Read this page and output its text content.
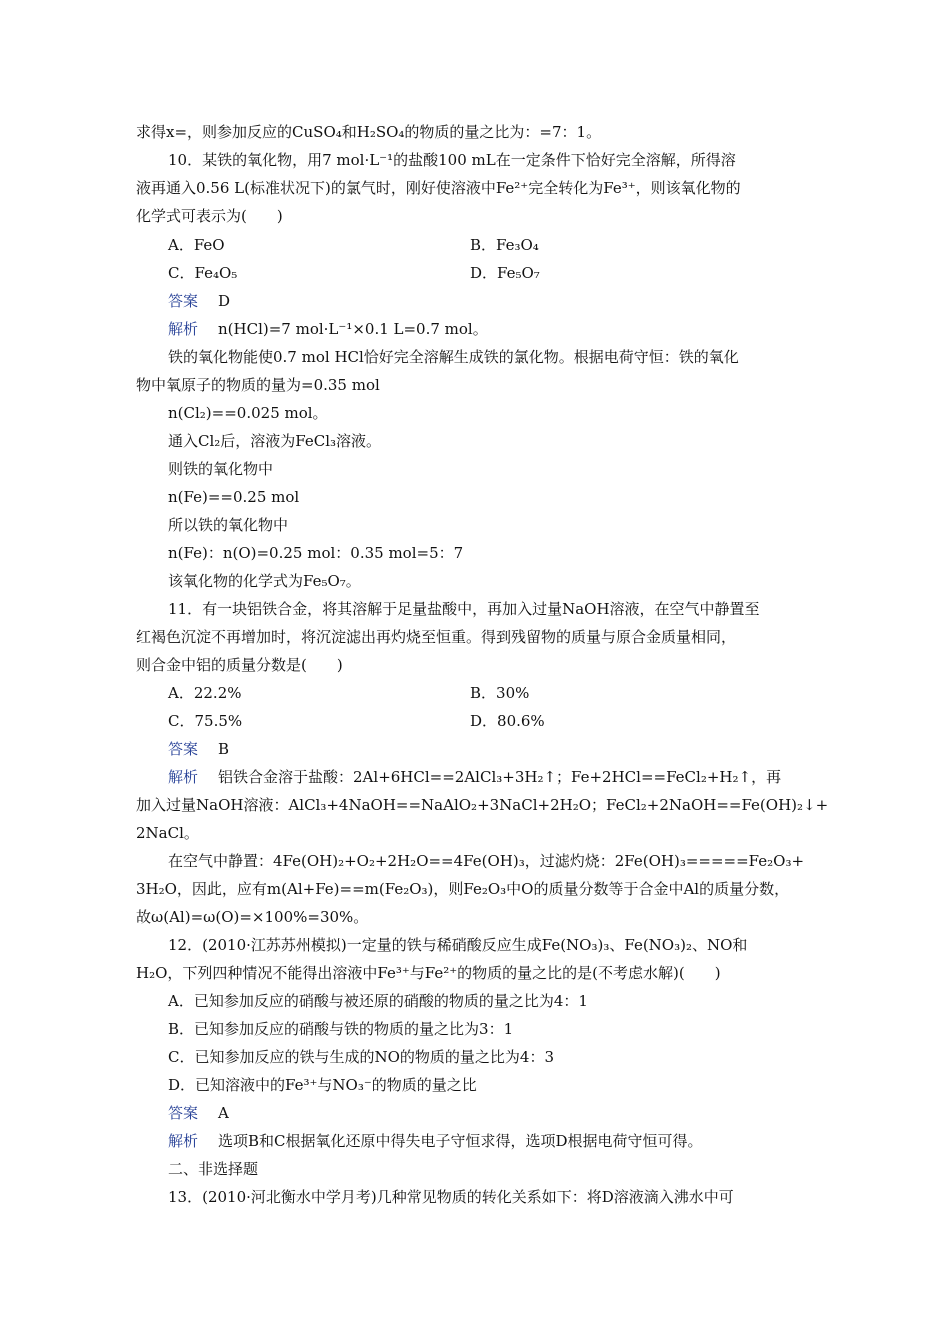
求得x=，则参加反应的CuSO₄和H₂SO₄的物质的量之比为：=7：1。
10．某铁的氧化物，用7 mol·L⁻¹的盐酸100 mL在一定条件下恰好完全溶解，所得溶
液再通入0.56 L(标准状况下)的氯气时，刚好使溶液中Fe²⁺完全转化为Fe³⁺，则该氧化物的
化学式可表示为(　　)
A．FeO	B．Fe₃O₄
C．Fe₄O₅	D．Fe₅O₇
答案 D
解析 n(HCl)=7 mol·L⁻¹×0.1 L=0.7 mol。
铁的氧化物能使0.7 mol HCl恰好完全溶解生成铁的氯化物。根据电荷守恒：铁的氧化
物中氧原子的物质的量为=0.35 mol
n(Cl₂)==0.025 mol。
通入Cl₂后，溶液为FeCl₃溶液。
则铁的氧化物中
n(Fe)==0.25 mol
所以铁的氧化物中
n(Fe)：n(O)=0.25 mol：0.35 mol=5：7
该氧化物的化学式为Fe₅O₇。
11．有一块铝铁合金，将其溶解于足量盐酸中，再加入过量NaOH溶液，在空气中静置至
红褐色沉淀不再增加时，将沉淀滤出再灼烧至恒重。得到残留物的质量与原合金质量相同，
则合金中铝的质量分数是(　　)
A．22.2%	B．30%
C．75.5%	D．80.6%
答案 B
解析 铝铁合金溶于盐酸：2Al+6HCl==2AlCl₃+3H₂↑；Fe+2HCl==FeCl₂+H₂↑，再
加入过量NaOH溶液：AlCl₃+4NaOH==NaAlO₂+3NaCl+2H₂O；FeCl₂+2NaOH==Fe(OH)₂↓+
2NaCl。
在空气中静置：4Fe(OH)₂+O₂+2H₂O==4Fe(OH)₃，过滤灼烧：2Fe(OH)₃=====Fe₂O₃+
3H₂O，因此，应有m(Al+Fe)==m(Fe₂O₃)，则Fe₂O₃中O的质量分数等于合金中Al的质量分数，
故ω(Al)=ω(O)=×100%=30%。
12．(2010·江苏苏州模拟)一定量的铁与稀硝酸反应生成Fe(NO₃)₃、Fe(NO₃)₂、NO和
H₂O，下列四种情况不能得出溶液中Fe³⁺与Fe²⁺的物质的量之比的是(不考虑水解)(　　)
A．已知参加反应的硝酸与被还原的硝酸的物质的量之比为4：1
B．已知参加反应的硝酸与铁的物质的量之比为3：1
C．已知参加反应的铁与生成的NO的物质的量之比为4：3
D．已知溶液中的Fe³⁺与NO₃⁻的物质的量之比
答案 A
解析 选项B和C根据氧化还原中得失电子守恒求得，选项D根据电荷守恒可得。
二、非选择题
13．(2010·河北衡水中学月考)几种常见物质的转化关系如下：将D溶液滴入沸水中可
